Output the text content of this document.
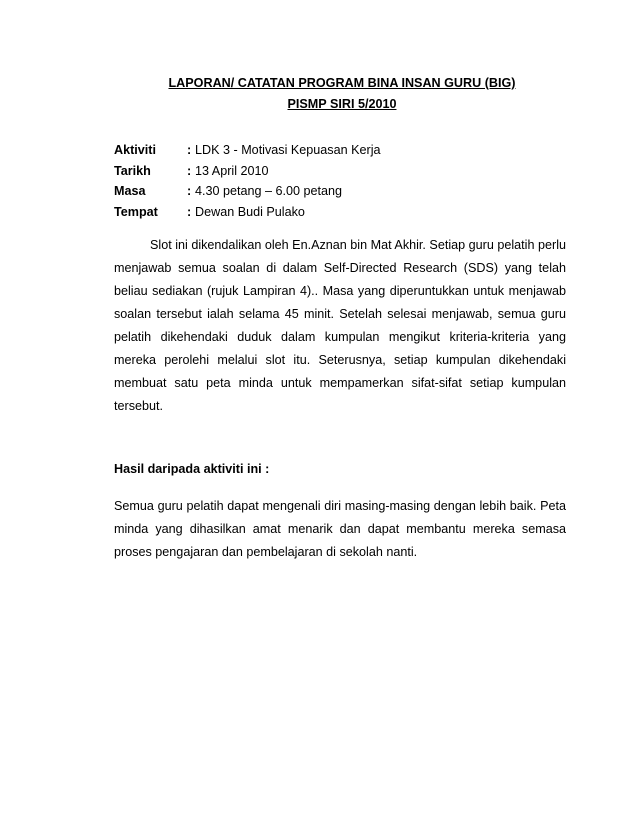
LAPORAN/ CATATAN PROGRAM BINA INSAN GURU (BIG)
PISMP SIRI 5/2010
Aktiviti : LDK 3 - Motivasi Kepuasan Kerja
Tarikh	: 13 April 2010
Masa	: 4.30 petang – 6.00 petang
Tempat : Dewan Budi Pulako

Slot ini dikendalikan oleh En.Aznan bin Mat Akhir. Setiap guru pelatih perlu menjawab semua soalan di dalam Self-Directed Research (SDS) yang telah beliau sediakan (rujuk Lampiran 4).. Masa yang diperuntukkan untuk menjawab soalan tersebut ialah selama 45 minit. Setelah selesai menjawab, semua guru pelatih dikehendaki duduk dalam kumpulan mengikut kriteria-kriteria yang mereka perolehi melalui slot itu. Seterusnya, setiap kumpulan dikehendaki membuat satu peta minda untuk mempamerkan sifat-sifat setiap kumpulan tersebut.

Hasil daripada aktiviti ini :

Semua guru pelatih dapat mengenali diri masing-masing dengan lebih baik. Peta minda yang dihasilkan amat menarik dan dapat membantu mereka semasa proses pengajaran dan pembelajaran di sekolah nanti.
